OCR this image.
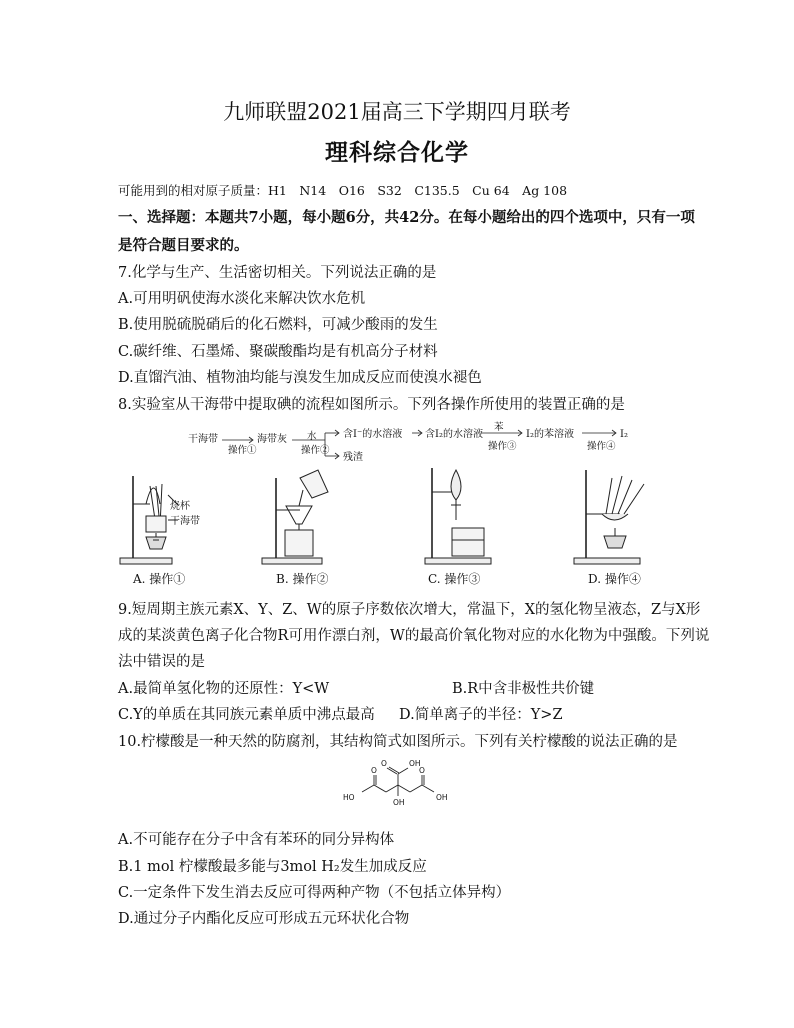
九师联盟2021届高三下学期四月联考
理科综合化学
可能用到的相对原子质量：H1　N14　O16　S32　C135.5　Cu 64　Ag 108
一、选择题：本题共7小题，每小题6分，共42分。在每小题给出的四个选项中，只有一项
是符合题目要求的。
7.化学与生产、生活密切相关。下列说法正确的是
A.可用明矾使海水淡化来解决饮水危机
B.使用脱硫脱硝后的化石燃料，可减少酸雨的发生
C.碳纤维、石墨烯、聚碳酸酯均是有机高分子材料
D.直馏汽油、植物油均能与溴发生加成反应而使溴水褪色
8.实验室从干海带中提取碘的流程如图所示。下列各操作所使用的装置正确的是
干海带	海带灰	含I⁻的水溶液 含I₂的水溶液	I₂的苯溶液	I₂
残渣
操作①	操作②
水
操作③
苯
操作④
烧杯
干海带
A. 操作①	B. 操作②	C. 操作③	D. 操作④
9.短周期主族元素X、Y、Z、W的原子序数依次增大，常温下，X的氢化物呈液态，Z与X形
成的某淡黄色离子化合物R可用作漂白剂，W的最高价氧化物对应的水化物为中强酸。下列说
法中错误的是
A.最简单氢化物的还原性：Y<W	B.R中含非极性共价键
C.Y的单质在其同族元素单质中沸点最高 D.简单离子的半径：Y>Z
10.柠檬酸是一种天然的防腐剂，其结构简式如图所示。下列有关柠檬酸的说法正确的是
O	OH
O	O
HO
OH
OH
A.不可能存在分子中含有苯环的同分异构体
B.1 mol 柠檬酸最多能与3mol H₂发生加成反应
C.一定条件下发生消去反应可得两种产物（不包括立体异构）
D.通过分子内酯化反应可形成五元环状化合物
